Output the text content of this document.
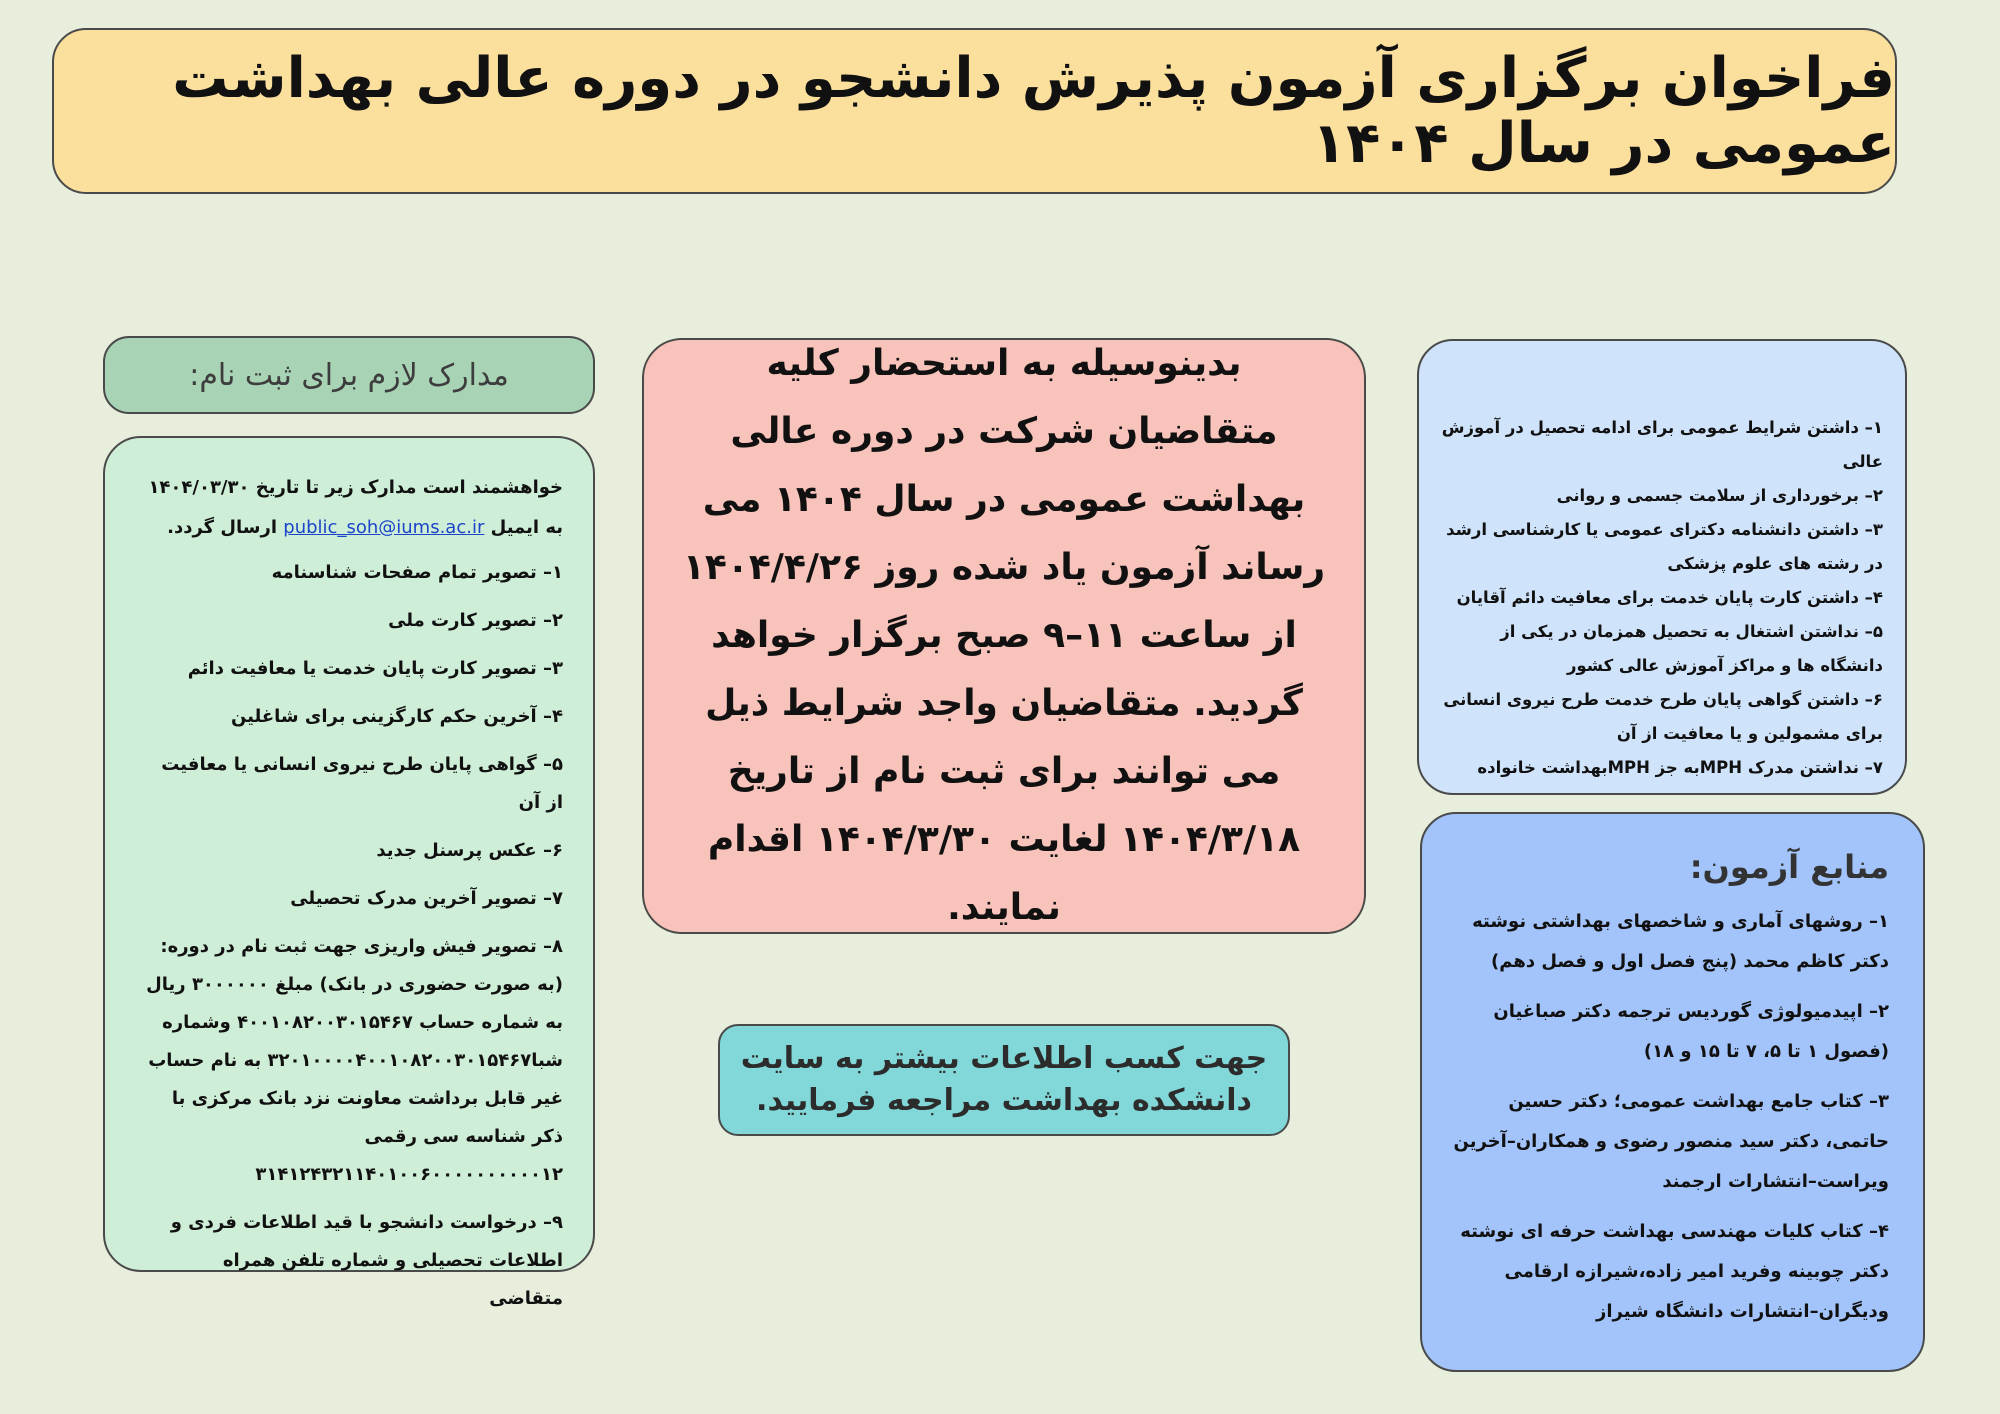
فراخوان برگزاری آزمون پذیرش دانشجو در دوره عالی بهداشت عمومی در سال ۱۴۰۴
مدارک لازم برای ثبت نام:

خواهشمند است مدارک زیر تا تاریخ ۱۴۰۴/۰۳/۳۰ به ایمیل public_soh@iums.ac.ir ارسال گردد.

۱– تصویر تمام صفحات شناسنامه
۲– تصویر کارت ملی
۳– تصویر کارت پایان خدمت یا معافیت دائم
۴– آخرین حکم کارگزینی برای شاغلین
۵– گواهی پایان طرح نیروی انسانی یا معافیت از آن
۶– عکس پرسنل جدید
۷– تصویر آخرین مدرک تحصیلی
۸– تصویر فیش واریزی جهت ثبت نام در دوره: (به صورت حضوری در بانک) مبلغ ۳۰۰۰۰۰۰ ریال به شماره حساب ۴۰۰۱۰۸۲۰۰۳۰۱۵۴۶۷ وشماره شبا۳۲۰۱۰۰۰۰۴۰۰۱۰۸۲۰۰۳۰۱۵۴۶۷ به نام حساب غیر قابل برداشت معاونت نزد بانک مرکزی با ذکر شناسه سی رقمی ۳۱۴۱۲۴۳۲۱۱۴۰۱۰۰۶۰۰۰۰۰۰۰۰۰۰۱۲
۹– درخواست دانشجو با قید اطلاعات فردی و اطلاعات تحصیلی و شماره تلفن همراه متقاضی

بدینوسیله به استحضار کلیه متقاضیان شرکت در دوره عالی بهداشت عمومی در سال ۱۴۰۴ می رساند آزمون یاد شده روز ۱۴۰۴/۴/۲۶ از ساعت ۱۱–۹ صبح برگزار خواهد گردید. متقاضیان واجد شرایط ذیل می توانند برای ثبت نام از تاریخ ۱۴۰۴/۳/۱۸ لغایت ۱۴۰۴/۳/۳۰ اقدام نمایند.

جهت کسب اطلاعات بیشتر به سایت دانشکده بهداشت مراجعه فرمایید.

۱– داشتن شرایط عمومی برای ادامه تحصیل در آموزش عالی
۲– برخورداری از سلامت جسمی و روانی
۳– داشتن دانشنامه دکترای عمومی یا کارشناسی ارشد در رشته های علوم پزشکی
۴– داشتن کارت پایان خدمت برای معافیت دائم آقایان
۵– نداشتن اشتغال به تحصیل همزمان در یکی از دانشگاه ها و مراکز آموزش عالی کشور
۶– داشتن گواهی پایان طرح خدمت طرح نیروی انسانی برای مشمولین و یا معافیت از آن
۷– نداشتن مدرک MPHبه جز MPHبهداشت خانواده
منابع آزمون:
۱– روشهای آماری و شاخصهای بهداشتی نوشته دکتر کاظم محمد (پنج فصل اول و فصل دهم)
۲– اپیدمیولوژی گوردیس ترجمه دکتر صباغیان (فصول ۱ تا ۵، ۷ تا ۱۵ و ۱۸)
۳– کتاب جامع بهداشت عمومی؛ دکتر حسین حاتمی، دکتر سید منصور رضوی و همکاران–آخرین ویراست–انتشارات ارجمند
۴– کتاب کلیات مهندسی بهداشت حرفه ای نوشته دکتر چوبینه وفرید امیر زاده،شیرازه ارقامی ودیگران–انتشارات دانشگاه شیراز
